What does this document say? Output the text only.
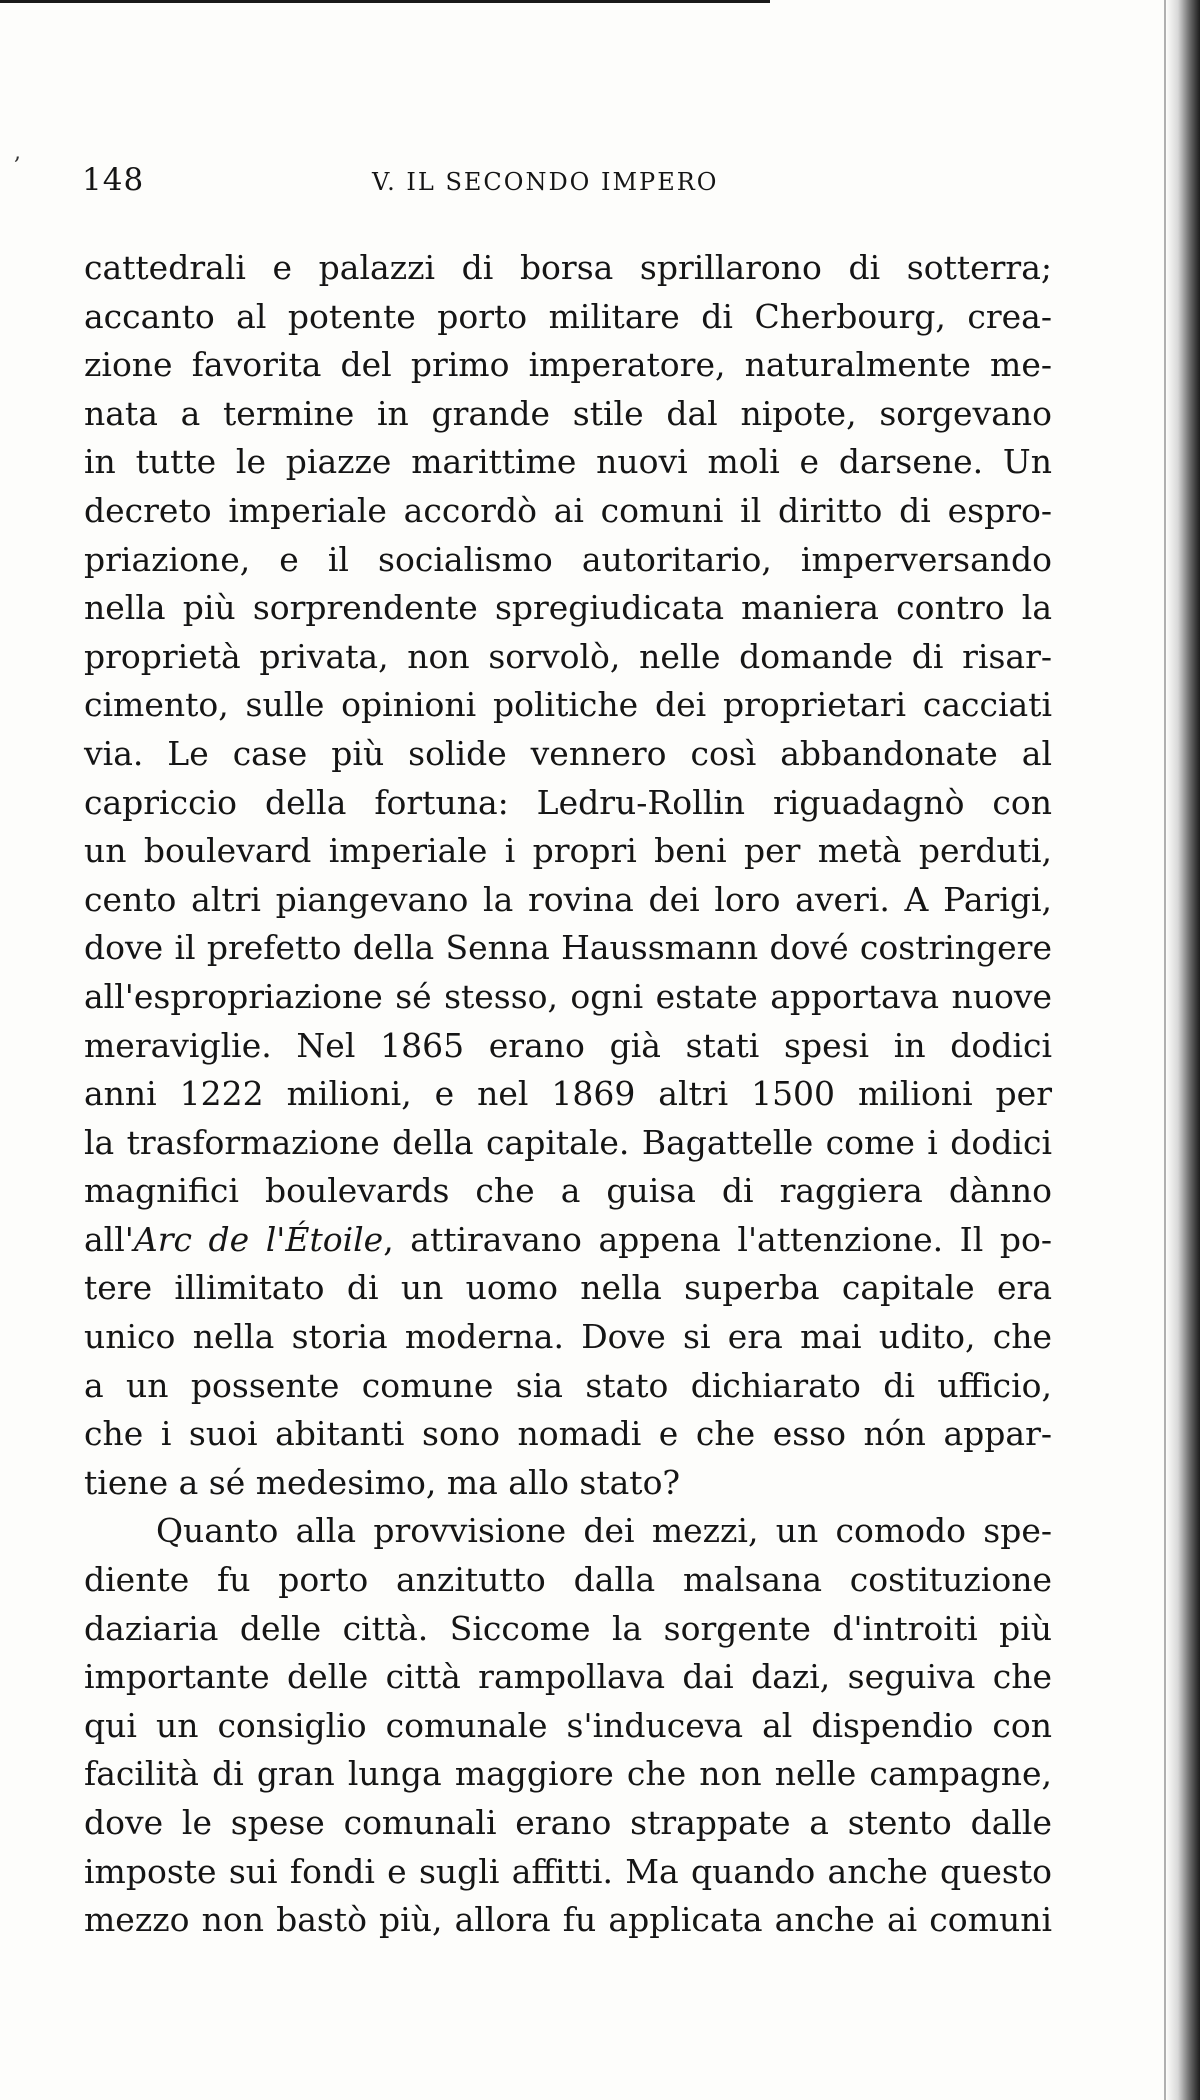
,
148	V. IL SECONDO IMPERO
cattedrali e palazzi di borsa sprillarono di sotterra;
accanto al potente porto militare di Cherbourg, crea-
zione favorita del primo imperatore, naturalmente me-
nata a termine in grande stile dal nipote, sorgevano
in tutte le piazze marittime nuovi moli e darsene. Un
decreto imperiale accordò ai comuni il diritto di espro-
priazione, e il socialismo autoritario, imperversando
nella più sorprendente spregiudicata maniera contro la
proprietà privata, non sorvolò, nelle domande di risar-
cimento, sulle opinioni politiche dei proprietari cacciati
via. Le case più solide vennero così abbandonate al
capriccio della fortuna: Ledru-Rollin riguadagnò con
un boulevard imperiale i propri beni per metà perduti,
cento altri piangevano la rovina dei loro averi. A Parigi,
dove il prefetto della Senna Haussmann dové costringere
all'espropriazione sé stesso, ogni estate apportava nuove
meraviglie. Nel 1865 erano già stati spesi in dodici
anni 1222 milioni, e nel 1869 altri 1500 milioni per
la trasformazione della capitale. Bagattelle come i dodici
magnifici boulevards che a guisa di raggiera dànno
all'Arc de l'Étoile, attiravano appena l'attenzione. Il po-
tere illimitato di un uomo nella superba capitale era
unico nella storia moderna. Dove si era mai udito, che
a un possente comune sia stato dichiarato di ufficio,
che i suoi abitanti sono nomadi e che esso nón appar-
tiene a sé medesimo, ma allo stato?
Quanto alla provvisione dei mezzi, un comodo spe-
diente fu porto anzitutto dalla malsana costituzione
daziaria delle città. Siccome la sorgente d'introiti più
importante delle città rampollava dai dazi, seguiva che
qui un consiglio comunale s'induceva al dispendio con
facilità di gran lunga maggiore che non nelle campagne,
dove le spese comunali erano strappate a stento dalle
imposte sui fondi e sugli affitti. Ma quando anche questo
mezzo non bastò più, allora fu applicata anche ai comuni
